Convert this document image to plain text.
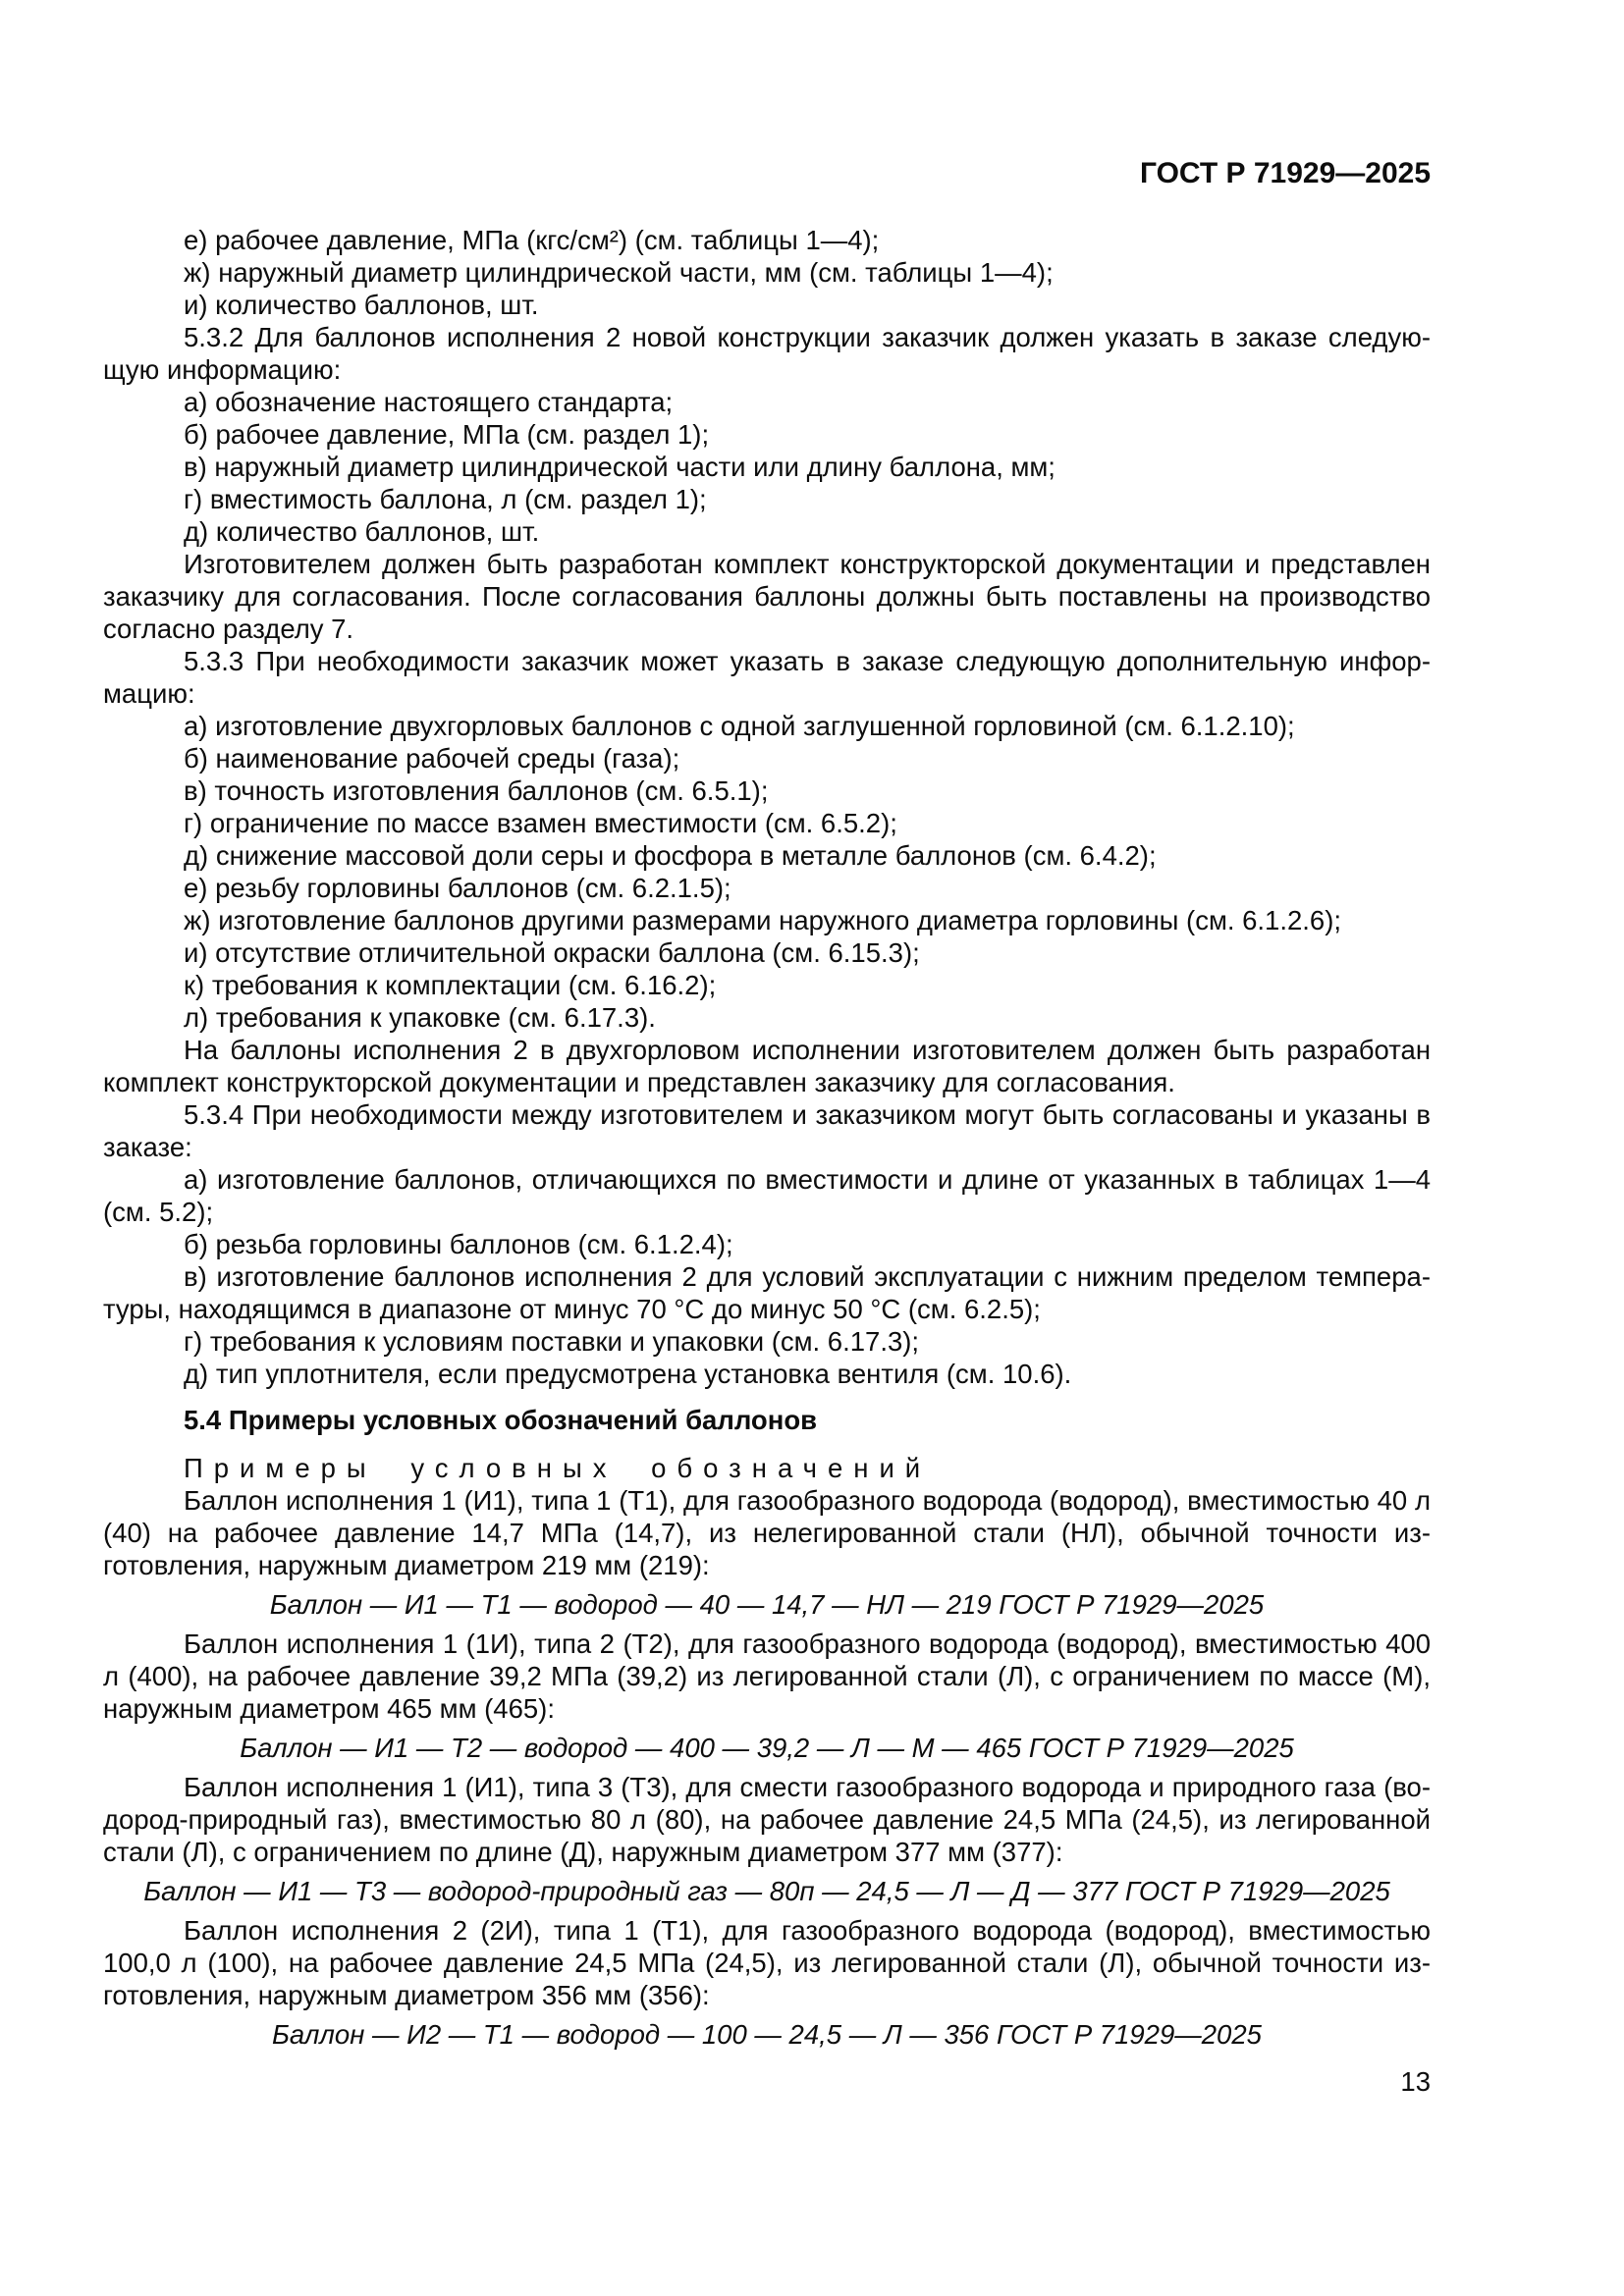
ГОСТ Р 71929—2025

е) рабочее давление, МПа (кгс/см²) (см. таблицы 1—4);

ж) наружный диаметр цилиндрической части, мм (см. таблицы 1—4);

и) количество баллонов, шт.

5.3.2 Для баллонов исполнения 2 новой конструкции заказчик должен указать в заказе следующую информацию:

а) обозначение настоящего стандарта;

б) рабочее давление, МПа (см. раздел 1);

в) наружный диаметр цилиндрической части или длину баллона, мм;

г) вместимость баллона, л (см. раздел 1);

д) количество баллонов, шт.

Изготовителем должен быть разработан комплект конструкторской документации и представлен заказчику для согласования. После согласования баллоны должны быть поставлены на производство согласно разделу 7.

5.3.3 При необходимости заказчик может указать в заказе следующую дополнительную информацию:

а) изготовление двухгорловых баллонов с одной заглушенной горловиной (см. 6.1.2.10);

б) наименование рабочей среды (газа);

в) точность изготовления баллонов (см. 6.5.1);

г) ограничение по массе взамен вместимости (см. 6.5.2);

д) снижение массовой доли серы и фосфора в металле баллонов (см. 6.4.2);

е) резьбу горловины баллонов (см. 6.2.1.5);

ж) изготовление баллонов другими размерами наружного диаметра горловины (см. 6.1.2.6);

и) отсутствие отличительной окраски баллона (см. 6.15.3);

к) требования к комплектации (см. 6.16.2);

л) требования к упаковке (см. 6.17.3).

На баллоны исполнения 2 в двухгорловом исполнении изготовителем должен быть разработан комплект конструкторской документации и представлен заказчику для согласования.

5.3.4 При необходимости между изготовителем и заказчиком могут быть согласованы и указаны в заказе:

а) изготовление баллонов, отличающихся по вместимости и длине от указанных в таблицах 1—4 (см. 5.2);

б) резьба горловины баллонов (см. 6.1.2.4);

в) изготовление баллонов исполнения 2 для условий эксплуатации с нижним пределом температуры, находящимся в диапазоне от минус 70 °С до минус 50 °С (см. 6.2.5);

г) требования к условиям поставки и упаковки (см. 6.17.3);

д) тип уплотнителя, если предусмотрена установка вентиля (см. 10.6).

5.4 Примеры условных обозначений баллонов

Примеры условных обозначений

Баллон исполнения 1 (И1), типа 1 (Т1), для газообразного водорода (водород), вместимостью 40 л (40) на рабочее давление 14,7 МПа (14,7), из нелегированной стали (НЛ), обычной точности изготовления, наружным диаметром 219 мм (219):

Баллон — И1 — Т1 — водород — 40 — 14,7 — НЛ — 219 ГОСТ Р 71929—2025

Баллон исполнения 1 (1И), типа 2 (Т2), для газообразного водорода (водород), вместимостью 400 л (400), на рабочее давление 39,2 МПа (39,2) из легированной стали (Л), с ограничением по массе (М), наружным диаметром 465 мм (465):

Баллон — И1 — Т2 — водород — 400 — 39,2 — Л — М — 465 ГОСТ Р 71929—2025

Баллон исполнения 1 (И1), типа 3 (Т3), для смести газообразного водорода и природного газа (водород-природный газ), вместимостью 80 л (80), на рабочее давление 24,5 МПа (24,5), из легированной стали (Л), с ограничением по длине (Д), наружным диаметром 377 мм (377):

Баллон — И1 — Т3 — водород-природный газ — 80п — 24,5 — Л — Д — 377 ГОСТ Р 71929—2025

Баллон исполнения 2 (2И), типа 1 (Т1), для газообразного водорода (водород), вместимостью 100,0 л (100), на рабочее давление 24,5 МПа (24,5), из легированной стали (Л), обычной точности изготовления, наружным диаметром 356 мм (356):

Баллон — И2 — Т1 — водород — 100 — 24,5 — Л — 356 ГОСТ Р 71929—2025

13
